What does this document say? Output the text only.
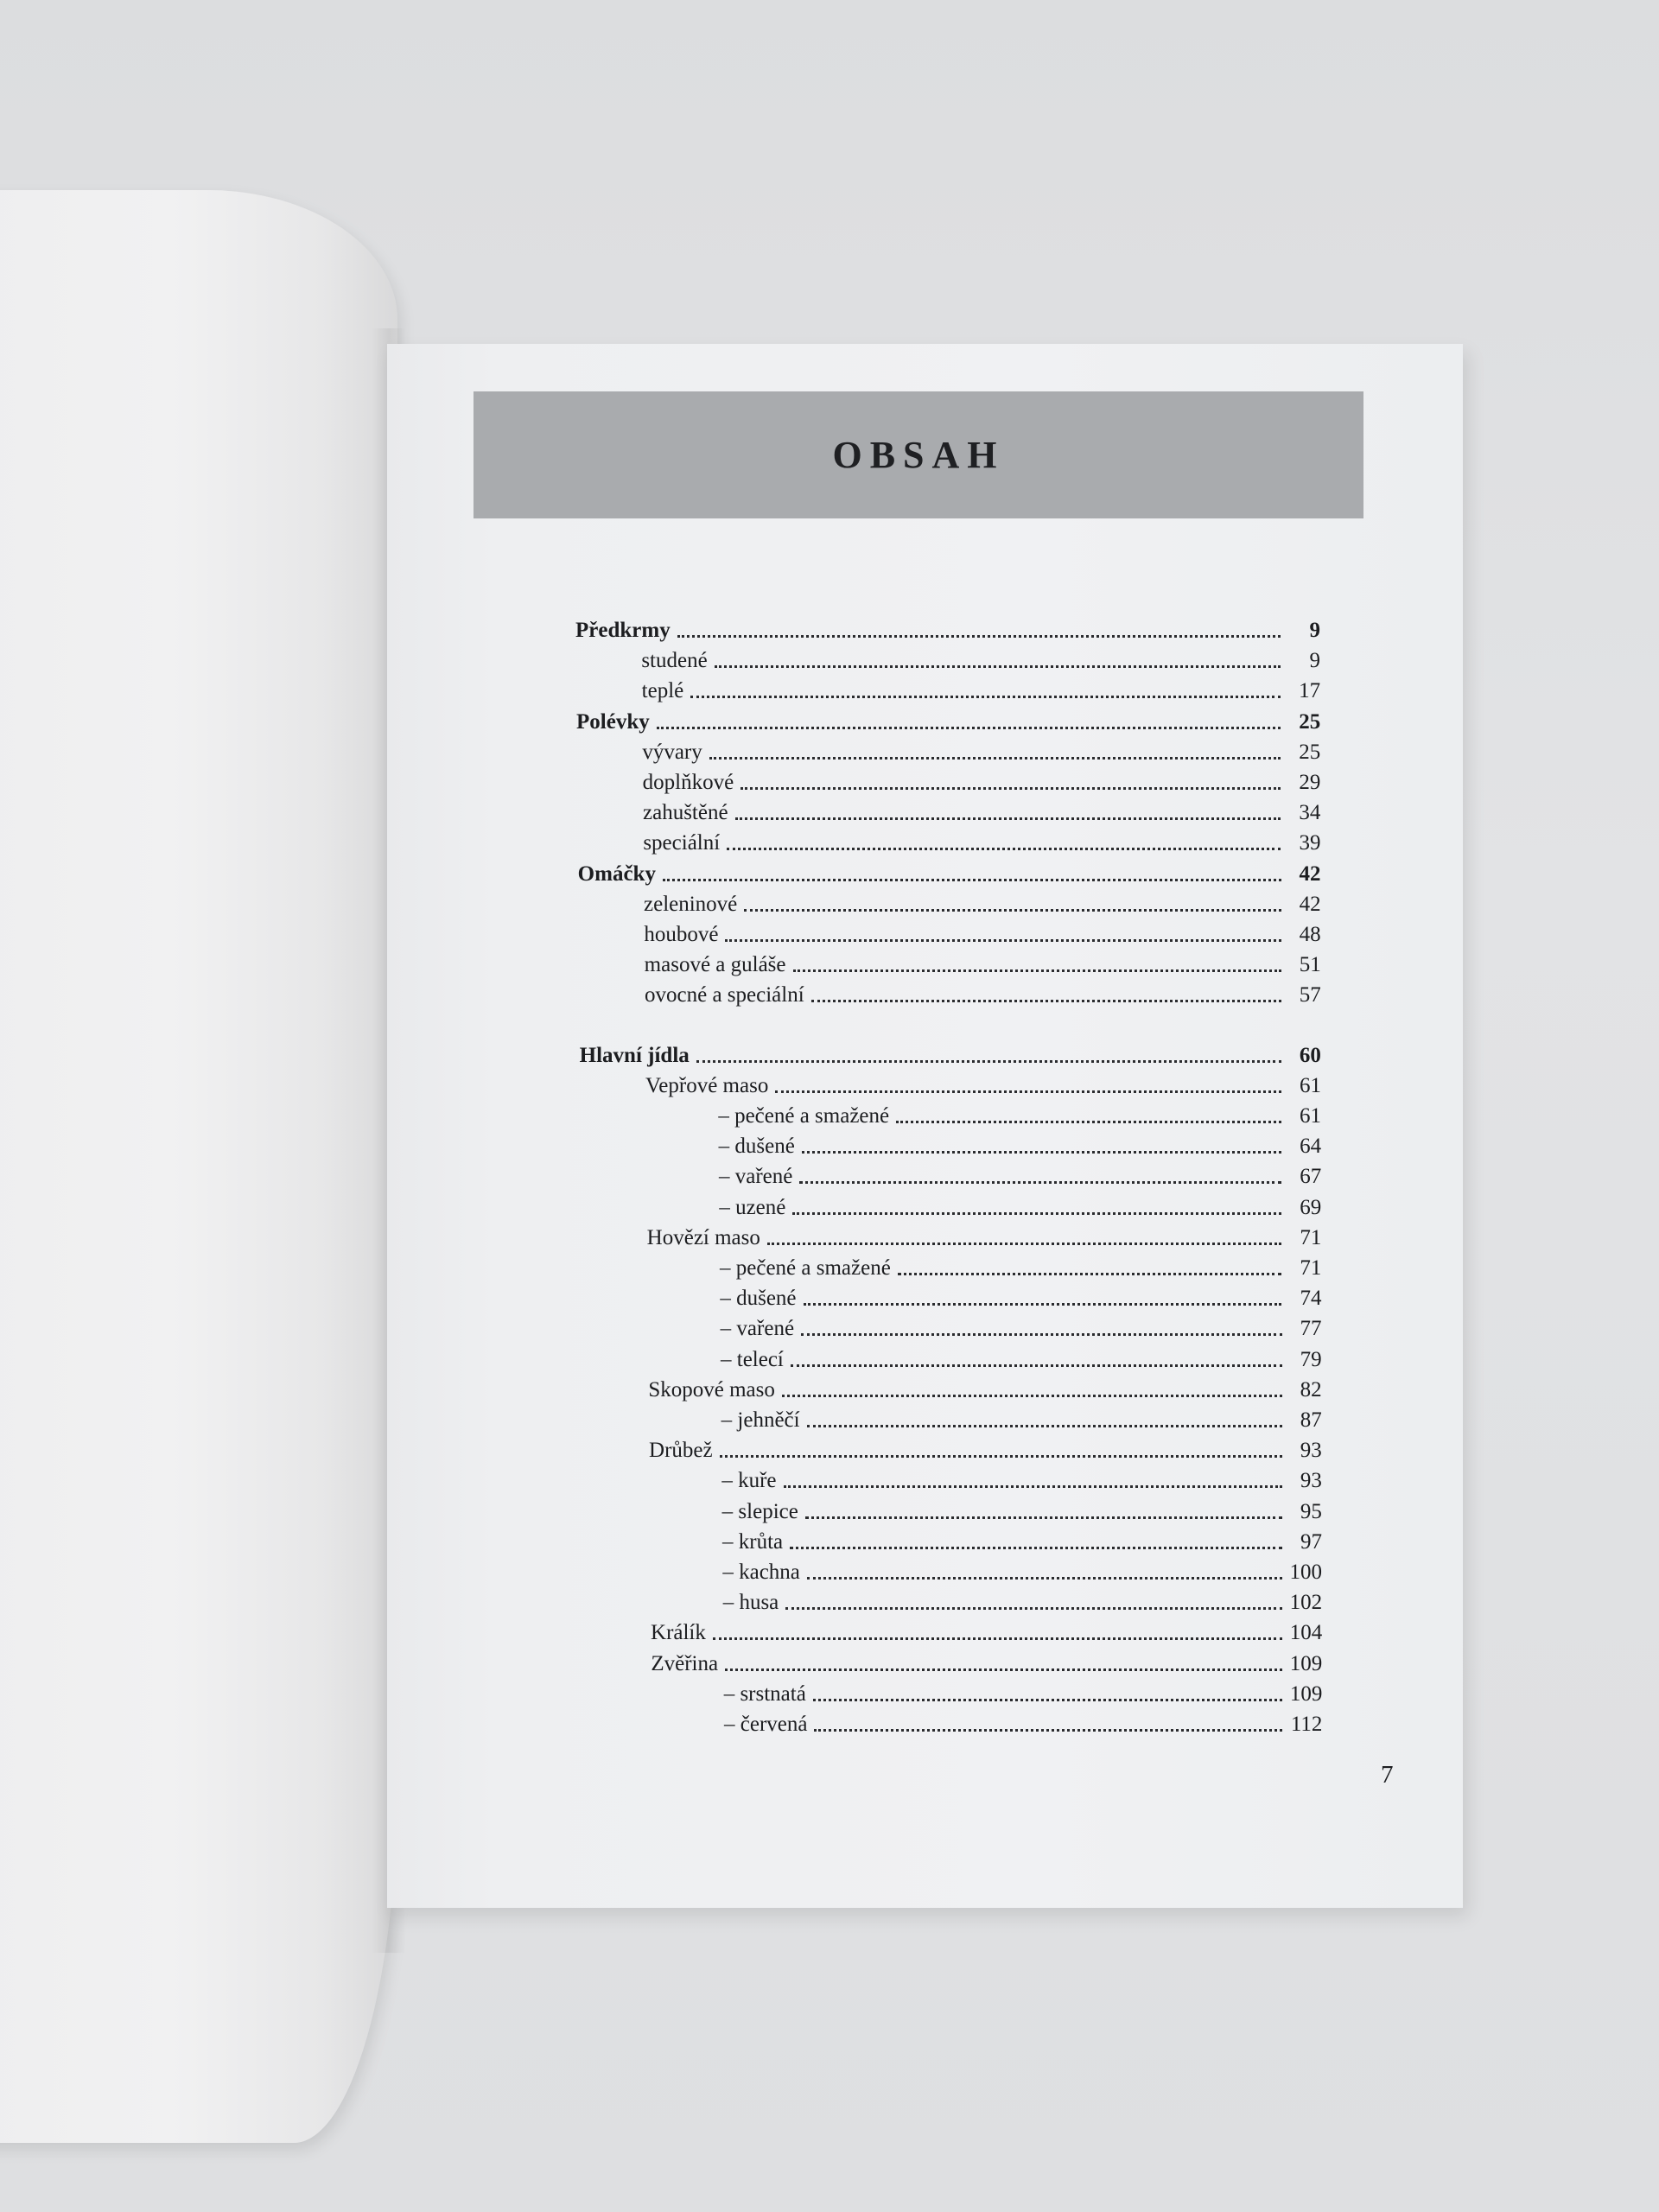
OBSAH
Předkrmy	9
studené	9
teplé	17
Polévky	25
vývary	25
doplňkové	29
zahuštěné	34
speciální	39
Omáčky	42
zeleninové	42
houbové	48
masové a guláše	51
ovocné a speciální	57
Hlavní jídla	60
Vepřové maso	61
– pečené a smažené	61
– dušené	64
– vařené	67
– uzené	69
Hovězí maso	71
– pečené a smažené	71
– dušené	74
– vařené	77
– telecí	79
Skopové maso	82
– jehněčí	87
Drůbež	93
– kuře	93
– slepice	95
– krůta	97
– kachna	100
– husa	102
Králík	104
Zvěřina	109
– srstnatá	109
– červená	112
7
